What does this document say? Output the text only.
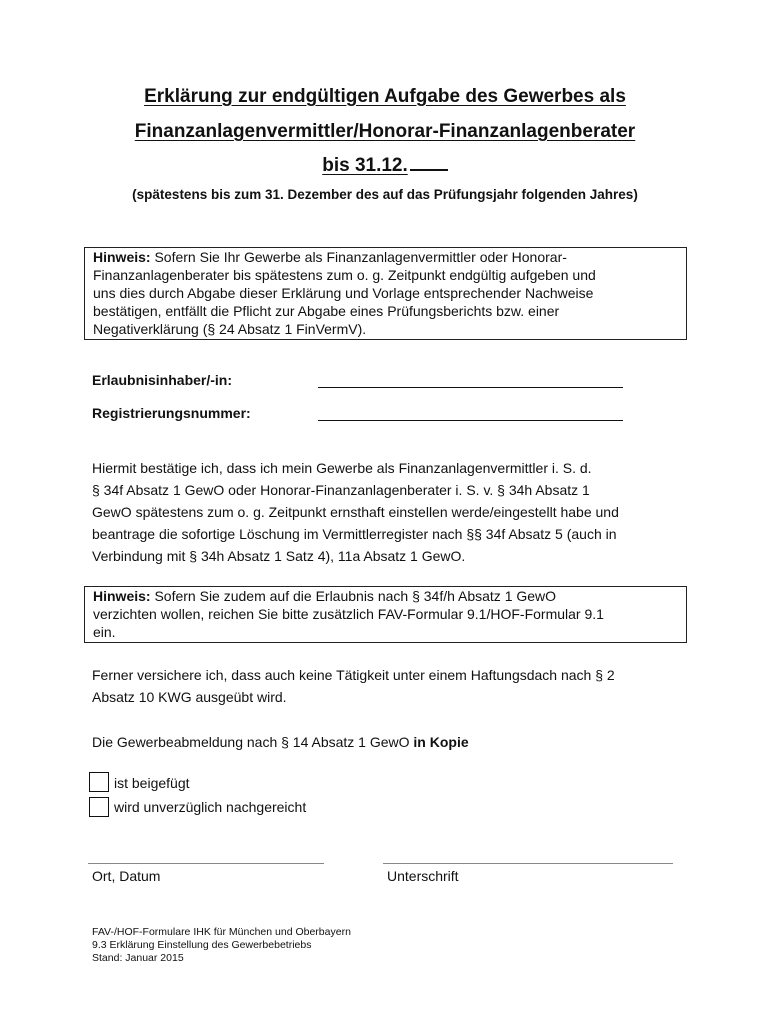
Erklärung zur endgültigen Aufgabe des Gewerbes als
Finanzanlagenvermittler/Honorar-Finanzanlagenberater
bis 31.12.
(spätestens bis zum 31. Dezember des auf das Prüfungsjahr folgenden Jahres)
Hinweis: Sofern Sie Ihr Gewerbe als Finanzanlagenvermittler oder Honorar-
Finanzanlagenberater bis spätestens zum o. g. Zeitpunkt endgültig aufgeben und
uns dies durch Abgabe dieser Erklärung und Vorlage entsprechender Nachweise
bestätigen, entfällt die Pflicht zur Abgabe eines Prüfungsberichts bzw. einer
Negativerklärung (§ 24 Absatz 1 FinVermV).
Erlaubnisinhaber/-in:
Registrierungsnummer:
Hiermit bestätige ich, dass ich mein Gewerbe als Finanzanlagenvermittler i. S. d.
§ 34f Absatz 1 GewO oder Honorar-Finanzanlagenberater i. S. v. § 34h Absatz 1
GewO spätestens zum o. g. Zeitpunkt ernsthaft einstellen werde/eingestellt habe und
beantrage die sofortige Löschung im Vermittlerregister nach §§ 34f Absatz 5 (auch in
Verbindung mit § 34h Absatz 1 Satz 4), 11a Absatz 1 GewO.
Hinweis: Sofern Sie zudem auf die Erlaubnis nach § 34f/h Absatz 1 GewO
verzichten wollen, reichen Sie bitte zusätzlich FAV-Formular 9.1/HOF-Formular 9.1
ein.
Ferner versichere ich, dass auch keine Tätigkeit unter einem Haftungsdach nach § 2
Absatz 10 KWG ausgeübt wird.
Die Gewerbeabmeldung nach § 14 Absatz 1 GewO in Kopie
ist beigefügt
wird unverzüglich nachgereicht
Ort, Datum	Unterschrift
FAV-/HOF-Formulare IHK für München und Oberbayern
9.3 Erklärung Einstellung des Gewerbebetriebs
Stand: Januar 2015
